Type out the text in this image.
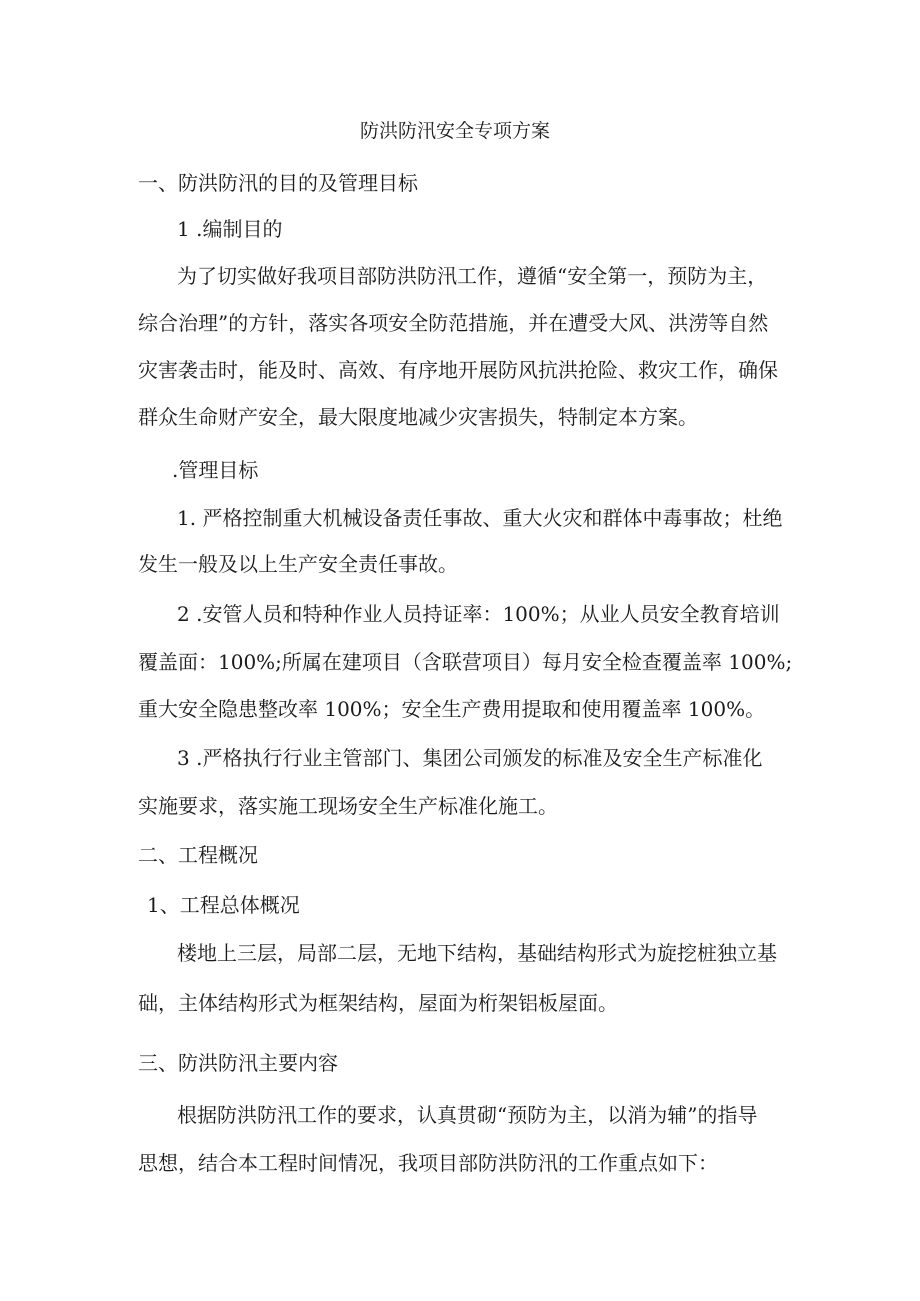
防洪防汛安全专项方案

一、防洪防汛的目的及管理目标

1 .编制目的

为了切实做好我项目部防洪防汛工作，遵循“安全第一，预防为主，

综合治理”的方针，落实各项安全防范措施，并在遭受大风、洪涝等自然

灾害袭击时，能及时、高效、有序地开展防风抗洪抢险、救灾工作，确保

群众生命财产安全，最大限度地减少灾害损失，特制定本方案。

.管理目标

1. 严格控制重大机械设备责任事故、重大火灾和群体中毒事故；杜绝

发生一般及以上生产安全责任事故。

2 .安管人员和特种作业人员持证率：100%；从业人员安全教育培训

覆盖面：100%;所属在建项目（含联营项目）每月安全检查覆盖率 100%;

重大安全隐患整改率 100%；安全生产费用提取和使用覆盖率 100%。

3 .严格执行行业主管部门、集团公司颁发的标准及安全生产标准化

实施要求，落实施工现场安全生产标准化施工。

二、工程概况

1、工程总体概况

楼地上三层，局部二层，无地下结构，基础结构形式为旋挖桩独立基

础，主体结构形式为框架结构，屋面为桁架铝板屋面。

三、防洪防汛主要内容

根据防洪防汛工作的要求，认真贯砌“预防为主，以消为辅”的指导

思想，结合本工程时间情况，我项目部防洪防汛的工作重点如下：
